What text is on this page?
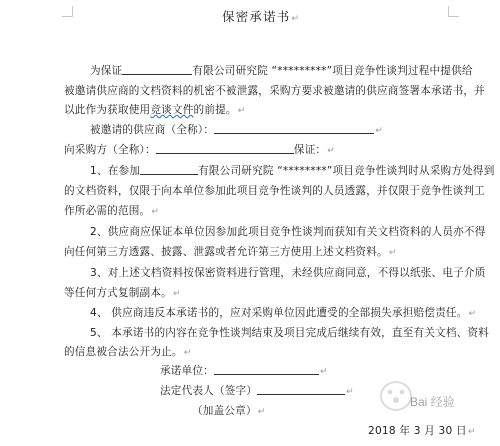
保密承诺书↵
为保证	有限公司研究院 “*********”项目竞争性谈判过程中提供给
被邀请供应商的文档资料的机密不被泄露，采购方要求被邀请的供应商签署本承诺书，并
以此作为获取使用竞谈文件的前提。↵
被邀请的供应商（全称）：	↵
向采购方（全称）：	保证：↵
1、在参加	有限公司研究院 “********”项目竞争性谈判时从采购方处得到
的文档资料，仅限于向本单位参加此项目竞争性谈判的人员透露，并仅限于竞争性谈判工
作所必需的范围。↵
2、供应商应保证本单位因参加此项目竞争性谈判而获知有关文档资料的人员亦不得
向任何第三方透露、披露、泄露或者允许第三方使用上述文档资料。↵
3、对上述文档资料按保密资料进行管理，未经供应商同意，不得以纸张、电子介质
等任何方式复制副本。↵
4、 供应商违反本承诺书的，应对采购单位因此遭受的全部损失承担赔偿责任。↵
5、 本承诺书的内容在竞争性谈判结束及项目完成后继续有效，直至有关文档、资料
的信息被合法公开为止。↵
承诺单位：	↵
法定代表人（签字）	↵
（加盖公章）↵
2018 年 3 月 30 日↵
Bai 经验
